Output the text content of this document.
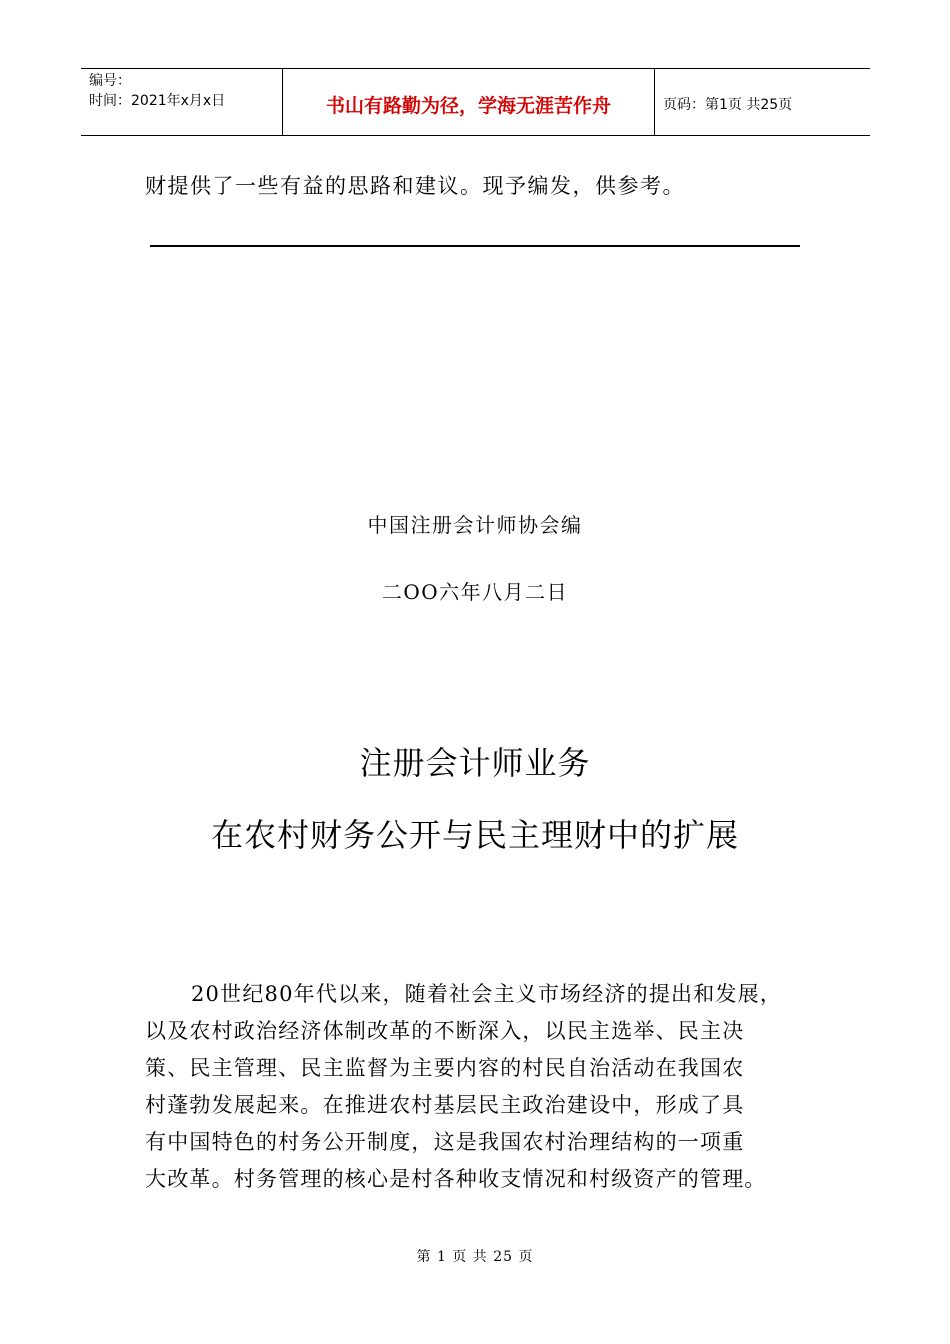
编号：
时间：2021年x月x日	书山有路勤为径，学海无涯苦作舟	页码：第1页 共25页
财提供了一些有益的思路和建议。现予编发，供参考。
中国注册会计师协会编
二OO六年八月二日
注册会计师业务
在农村财务公开与民主理财中的扩展
20世纪80年代以来，随着社会主义市场经济的提出和发展，
以及农村政治经济体制改革的不断深入，以民主选举、民主决
策、民主管理、民主监督为主要内容的村民自治活动在我国农
村蓬勃发展起来。在推进农村基层民主政治建设中，形成了具
有中国特色的村务公开制度，这是我国农村治理结构的一项重
大改革。村务管理的核心是村各种收支情况和村级资产的管理。
第 1 页 共 25 页
